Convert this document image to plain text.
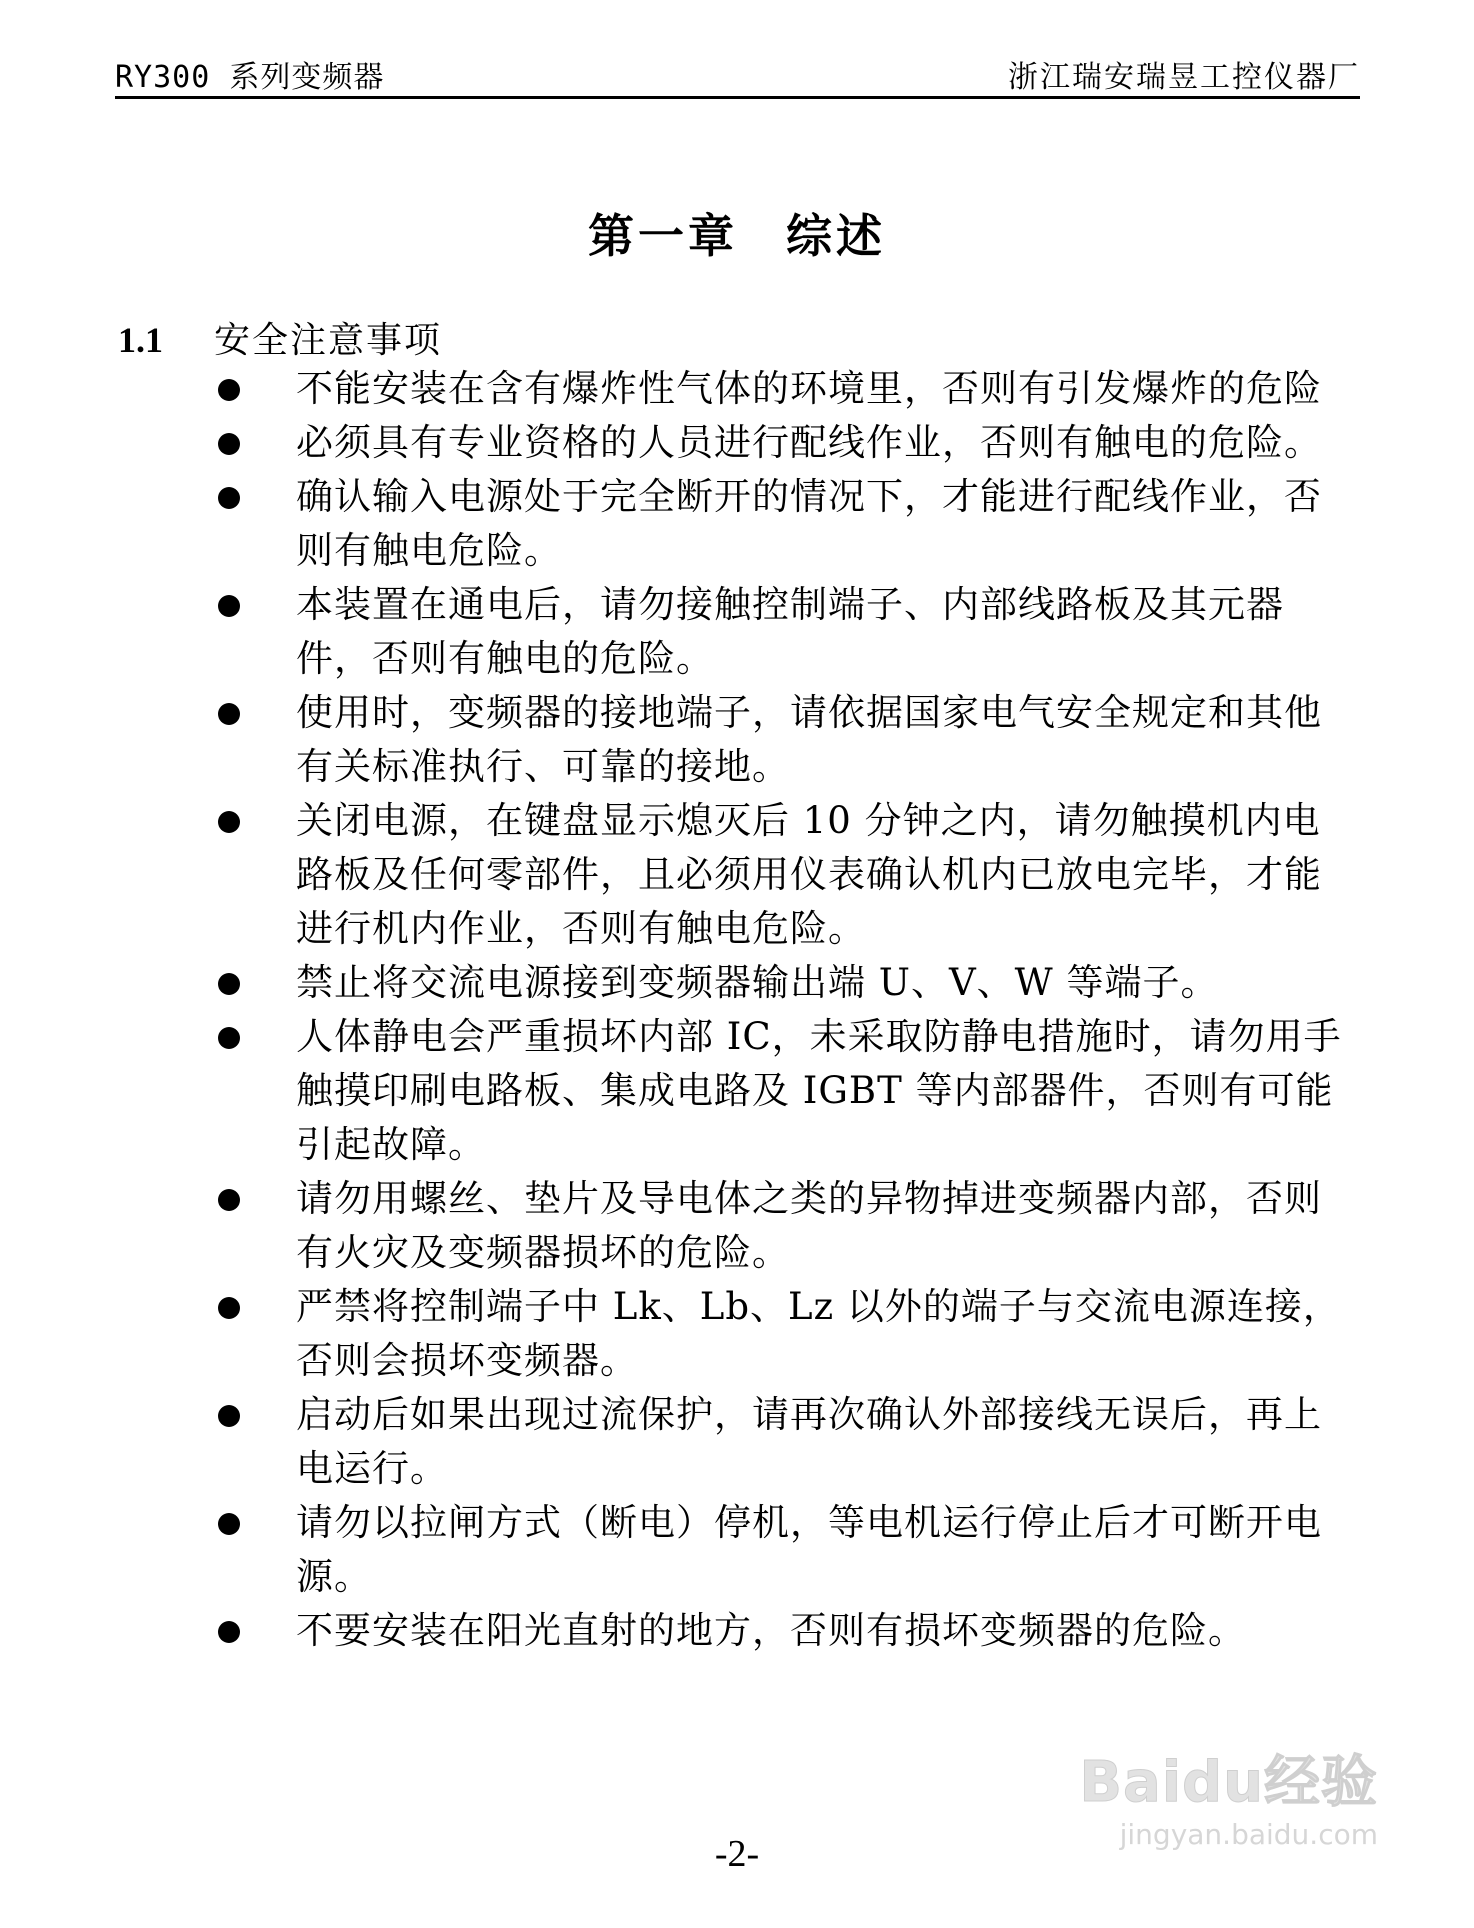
RY300 系列变频器	浙江瑞安瑞昱工控仪器厂
第一章 综述
1.1 安全注意事项
不能安装在含有爆炸性气体的环境里，否则有引发爆炸的危险
必须具有专业资格的人员进行配线作业，否则有触电的危险。
确认输入电源处于完全断开的情况下，才能进行配线作业，否则有触电危险。
本装置在通电后，请勿接触控制端子、内部线路板及其元器件，否则有触电的危险。
使用时，变频器的接地端子，请依据国家电气安全规定和其他有关标准执行、可靠的接地。
关闭电源，在键盘显示熄灭后 10 分钟之内，请勿触摸机内电路板及任何零部件，且必须用仪表确认机内已放电完毕，才能进行机内作业，否则有触电危险。
禁止将交流电源接到变频器输出端 U、V、W 等端子。
人体静电会严重损坏内部 IC，未采取防静电措施时，请勿用手触摸印刷电路板、集成电路及 IGBT 等内部器件，否则有可能引起故障。
请勿用螺丝、垫片及导电体之类的异物掉进变频器内部，否则有火灾及变频器损坏的危险。
严禁将控制端子中 Lk、Lb、Lz 以外的端子与交流电源连接，否则会损坏变频器。
启动后如果出现过流保护，请再次确认外部接线无误后，再上电运行。
请勿以拉闸方式（断电）停机，等电机运行停止后才可断开电源。
不要安装在阳光直射的地方，否则有损坏变频器的危险。
Baidu经验
jingyan.baidu.com
-2-
